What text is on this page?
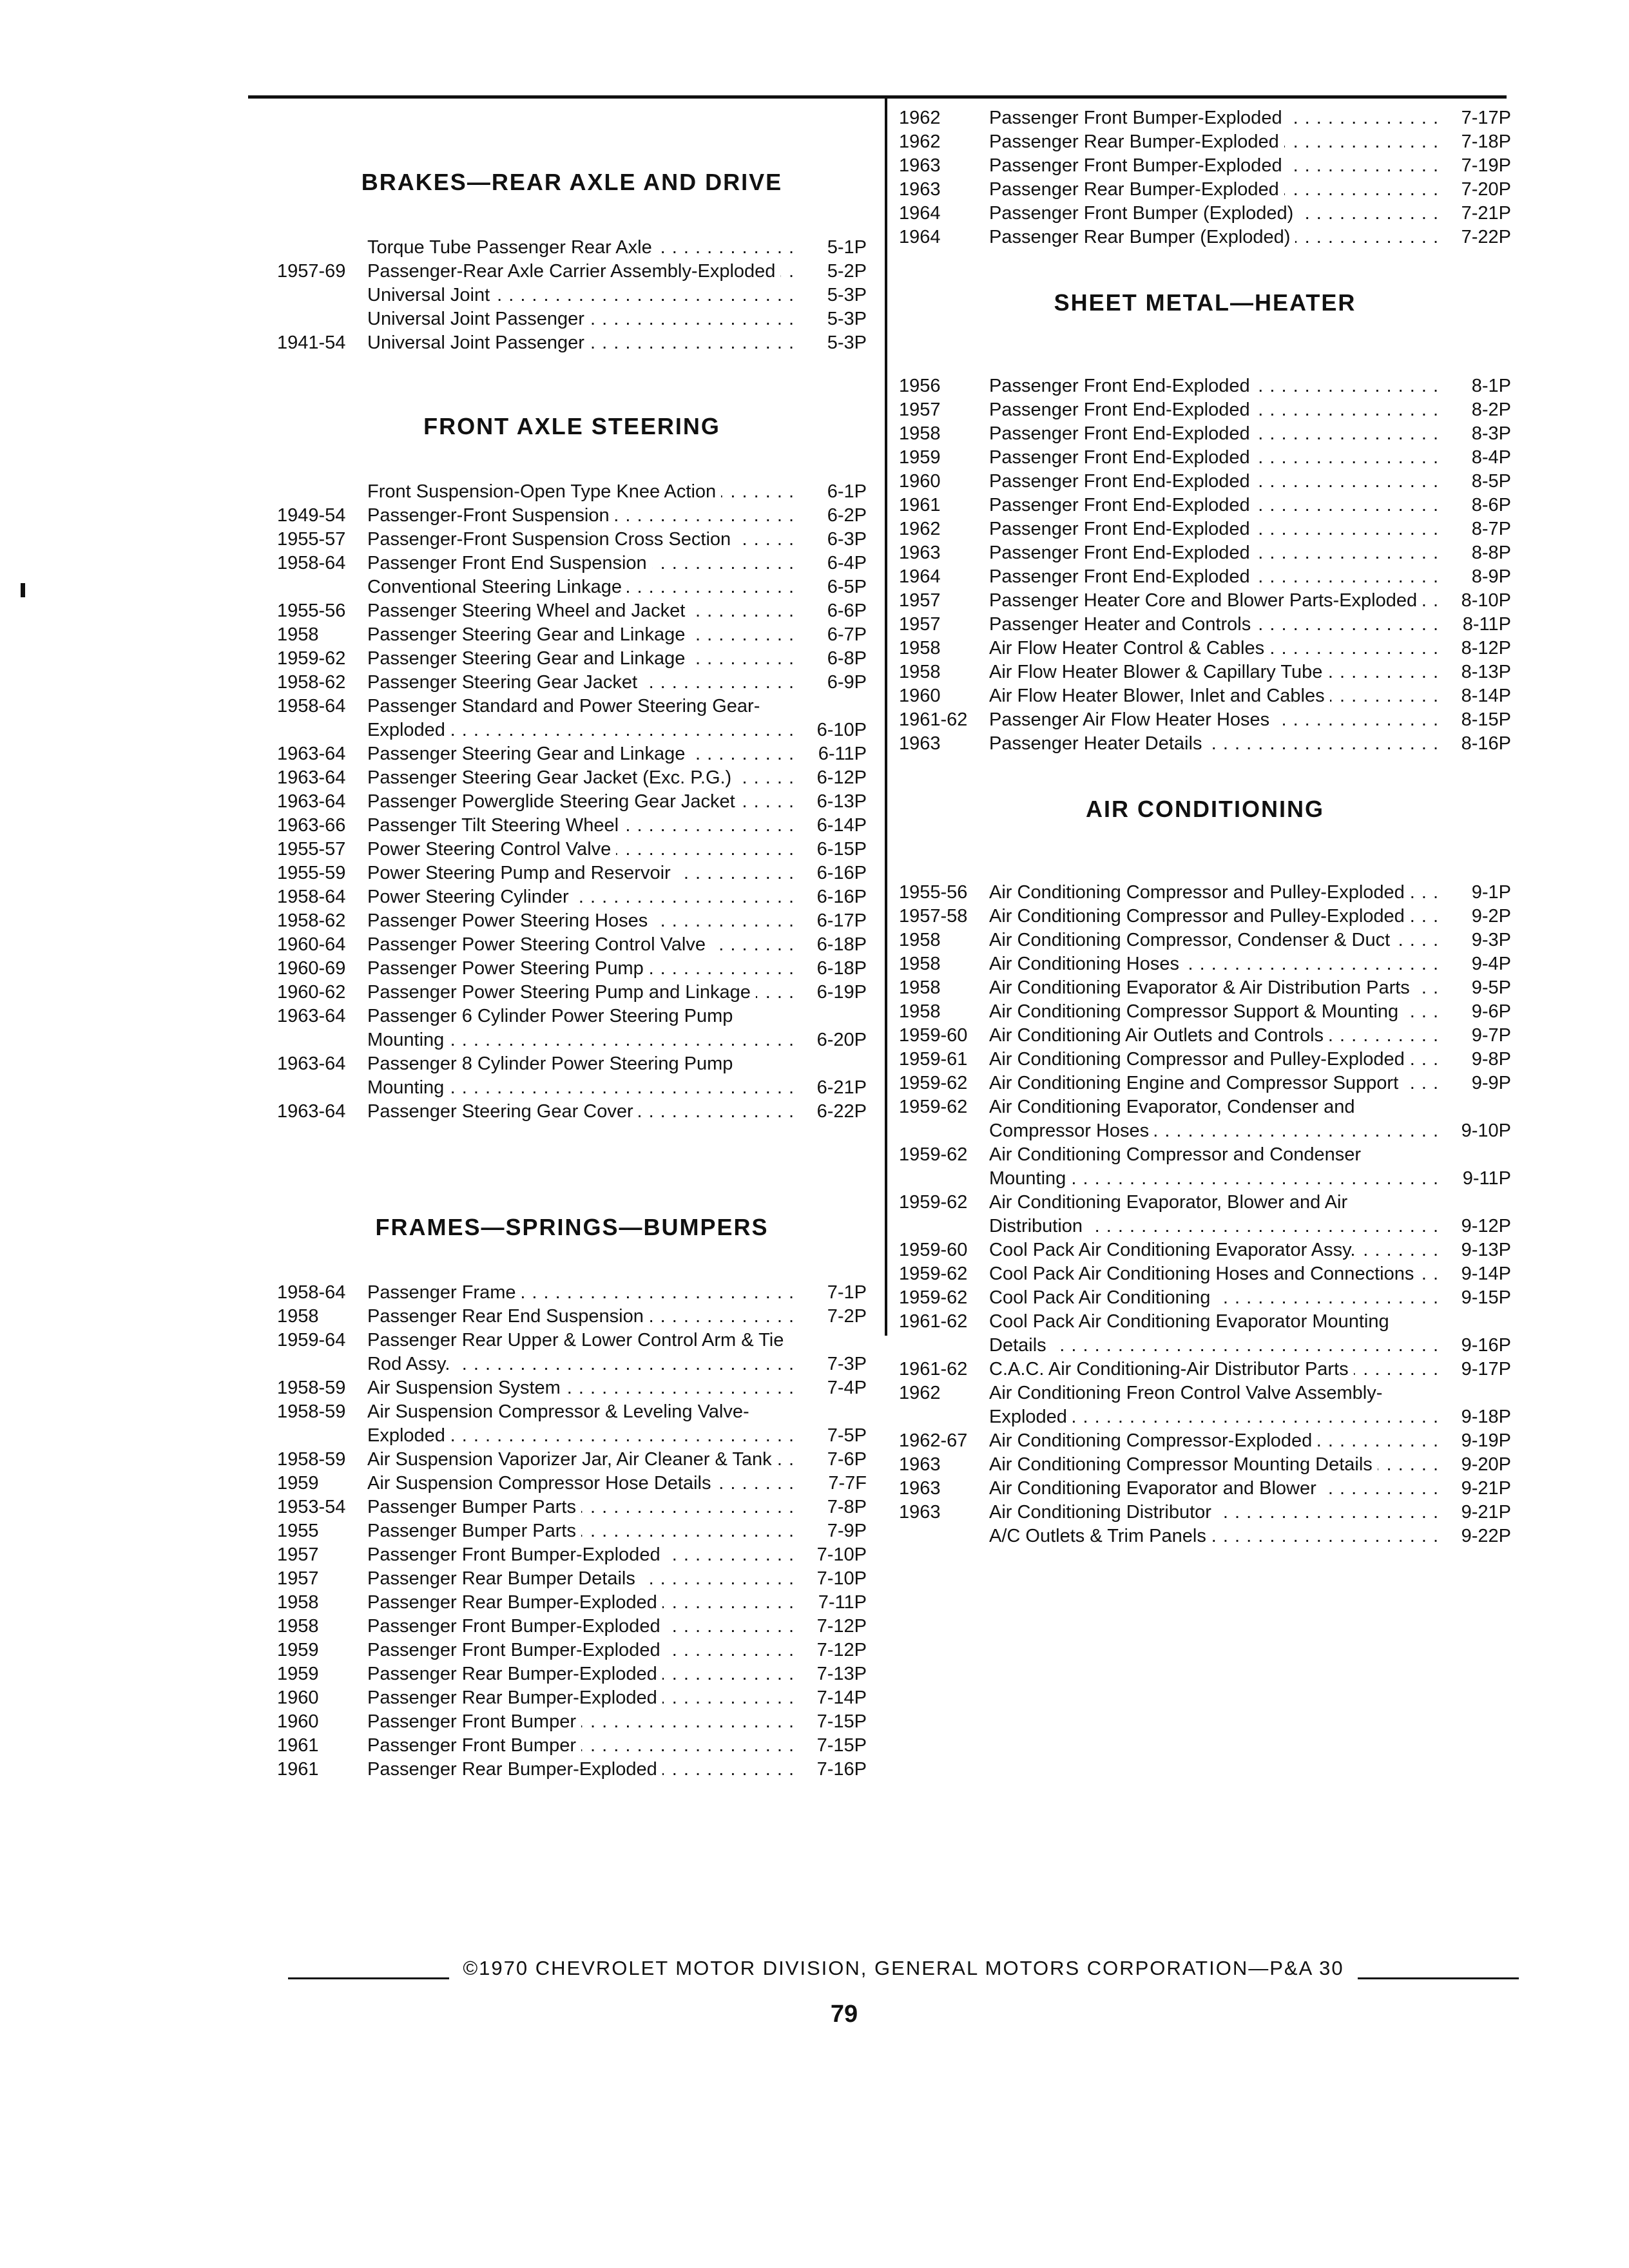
BRAKES—REAR AXLE AND DRIVE
Torque Tube Passenger Rear Axle . . .	5-1P
1957-69	Passenger-Rear Axle Carrier Assembly-Exploded . . .	5-2P
Universal Joint . . .	5-3P
Universal Joint Passenger . . .	5-3P
1941-54	Universal Joint Passenger . . .	5-3P
FRONT AXLE STEERING
Front Suspension-Open Type Knee Action . . .	6-1P
1949-54	Passenger-Front Suspension . . .	6-2P
1955-57	Passenger-Front Suspension Cross Section . . .	6-3P
1958-64	Passenger Front End Suspension . . .	6-4P
Conventional Steering Linkage . . .	6-5P
1955-56	Passenger Steering Wheel and Jacket . . .	6-6P
1958	Passenger Steering Gear and Linkage . . .	6-7P
1959-62	Passenger Steering Gear and Linkage . . .	6-8P
1958-62	Passenger Steering Gear Jacket . . .	6-9P
1958-64	Passenger Standard and Power Steering Gear-Exploded . . .	6-10P
1963-64	Passenger Steering Gear and Linkage . . .	6-11P
1963-64	Passenger Steering Gear Jacket (Exc. P.G.) . . .	6-12P
1963-64	Passenger Powerglide Steering Gear Jacket . . .	6-13P
1963-66	Passenger Tilt Steering Wheel . . .	6-14P
1955-57	Power Steering Control Valve . . .	6-15P
1955-59	Power Steering Pump and Reservoir . . .	6-16P
1958-64	Power Steering Cylinder . . .	6-16P
1958-62	Passenger Power Steering Hoses . . .	6-17P
1960-64	Passenger Power Steering Control Valve . . .	6-18P
1960-69	Passenger Power Steering Pump . . .	6-18P
1960-62	Passenger Power Steering Pump and Linkage . . .	6-19P
1963-64	Passenger 6 Cylinder Power Steering Pump Mounting . . .	6-20P
1963-64	Passenger 8 Cylinder Power Steering Pump Mounting . . .	6-21P
1963-64	Passenger Steering Gear Cover . . .	6-22P
FRAMES—SPRINGS—BUMPERS
1958-64	Passenger Frame . . .	7-1P
1958	Passenger Rear End Suspension . . .	7-2P
1959-64	Passenger Rear Upper & Lower Control Arm & Tie Rod Assy. . . .	7-3P
1958-59	Air Suspension System . . .	7-4P
1958-59	Air Suspension Compressor & Leveling Valve-Exploded . . .	7-5P
1958-59	Air Suspension Vaporizer Jar, Air Cleaner & Tank . . .	7-6P
1959	Air Suspension Compressor Hose Details . . .	7-7F
1953-54	Passenger Bumper Parts . . .	7-8P
1955	Passenger Bumper Parts . . .	7-9P
1957	Passenger Front Bumper-Exploded . . .	7-10P
1957	Passenger Rear Bumper Details . . .	7-10P
1958	Passenger Rear Bumper-Exploded . . .	7-11P
1958	Passenger Front Bumper-Exploded . . .	7-12P
1959	Passenger Front Bumper-Exploded . . .	7-12P
1959	Passenger Rear Bumper-Exploded . . .	7-13P
1960	Passenger Rear Bumper-Exploded . . .	7-14P
1960	Passenger Front Bumper . . .	7-15P
1961	Passenger Front Bumper . . .	7-15P
1961	Passenger Rear Bumper-Exploded . . .	7-16P
1962	Passenger Front Bumper-Exploded . . .	7-17P
1962	Passenger Rear Bumper-Exploded . . .	7-18P
1963	Passenger Front Bumper-Exploded . . .	7-19P
1963	Passenger Rear Bumper-Exploded . . .	7-20P
1964	Passenger Front Bumper (Exploded) . . .	7-21P
1964	Passenger Rear Bumper (Exploded) . . .	7-22P
SHEET METAL—HEATER
1956	Passenger Front End-Exploded . . .	8-1P
1957	Passenger Front End-Exploded . . .	8-2P
1958	Passenger Front End-Exploded . . .	8-3P
1959	Passenger Front End-Exploded . . .	8-4P
1960	Passenger Front End-Exploded . . .	8-5P
1961	Passenger Front End-Exploded . . .	8-6P
1962	Passenger Front End-Exploded . . .	8-7P
1963	Passenger Front End-Exploded . . .	8-8P
1964	Passenger Front End-Exploded . . .	8-9P
1957	Passenger Heater Core and Blower Parts-Exploded . . .	8-10P
1957	Passenger Heater and Controls . . .	8-11P
1958	Air Flow Heater Control & Cables . . .	8-12P
1958	Air Flow Heater Blower & Capillary Tube . . .	8-13P
1960	Air Flow Heater Blower, Inlet and Cables . . .	8-14P
1961-62	Passenger Air Flow Heater Hoses . . .	8-15P
1963	Passenger Heater Details . . .	8-16P
AIR CONDITIONING
1955-56	Air Conditioning Compressor and Pulley-Exploded . . .	9-1P
1957-58	Air Conditioning Compressor and Pulley-Exploded . . .	9-2P
1958	Air Conditioning Compressor, Condenser & Duct . . .	9-3P
1958	Air Conditioning Hoses . . .	9-4P
1958	Air Conditioning Evaporator & Air Distribution Parts . . .	9-5P
1958	Air Conditioning Compressor Support & Mounting . . .	9-6P
1959-60	Air Conditioning Air Outlets and Controls . . .	9-7P
1959-61	Air Conditioning Compressor and Pulley-Exploded . . .	9-8P
1959-62	Air Conditioning Engine and Compressor Support . . .	9-9P
1959-62	Air Conditioning Evaporator, Condenser and Compressor Hoses . . .	9-10P
1959-62	Air Conditioning Compressor and Condenser Mounting . . .	9-11P
1959-62	Air Conditioning Evaporator, Blower and Air Distribution . . .	9-12P
1959-60	Cool Pack Air Conditioning Evaporator Assy. . . .	9-13P
1959-62	Cool Pack Air Conditioning Hoses and Connections . . .	9-14P
1959-62	Cool Pack Air Conditioning . . .	9-15P
1961-62	Cool Pack Air Conditioning Evaporator Mounting Details . . .	9-16P
1961-62	C.A.C. Air Conditioning-Air Distributor Parts . . .	9-17P
1962	Air Conditioning Freon Control Valve Assembly-Exploded . . .	9-18P
1962-67	Air Conditioning Compressor-Exploded . . .	9-19P
1963	Air Conditioning Compressor Mounting Details . . .	9-20P
1963	Air Conditioning Evaporator and Blower . . .	9-21P
1963	Air Conditioning Distributor . . .	9-21P
A/C Outlets & Trim Panels . . .	9-22P
©1970 CHEVROLET MOTOR DIVISION, GENERAL MOTORS CORPORATION—P&A 30
79
